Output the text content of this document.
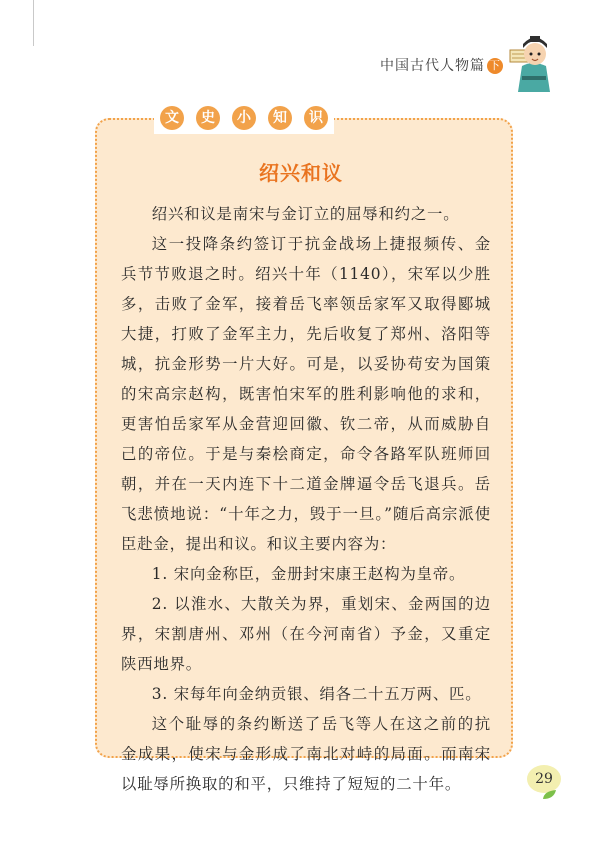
中国古代人物篇 下
文	史	小	知	识
绍兴和议

绍兴和议是南宋与金订立的屈辱和约之一。

这一投降条约签订于抗金战场上捷报频传、金兵节节败退之时。绍兴十年（1140），宋军以少胜多，击败了金军，接着岳飞率领岳家军又取得郾城大捷，打败了金军主力，先后收复了郑州、洛阳等城，抗金形势一片大好。可是，以妥协苟安为国策的宋高宗赵构，既害怕宋军的胜利影响他的求和，更害怕岳家军从金营迎回徽、钦二帝，从而威胁自己的帝位。于是与秦桧商定，命令各路军队班师回朝，并在一天内连下十二道金牌逼令岳飞退兵。岳飞悲愤地说：“十年之力，毁于一旦。”随后高宗派使臣赴金，提出和议。和议主要内容为：

1. 宋向金称臣，金册封宋康王赵构为皇帝。

2. 以淮水、大散关为界，重划宋、金两国的边界，宋割唐州、邓州（在今河南省）予金，又重定陕西地界。

3. 宋每年向金纳贡银、绢各二十五万两、匹。

这个耻辱的条约断送了岳飞等人在这之前的抗金成果，使宋与金形成了南北对峙的局面。而南宋以耻辱所换取的和平，只维持了短短的二十年。	29
